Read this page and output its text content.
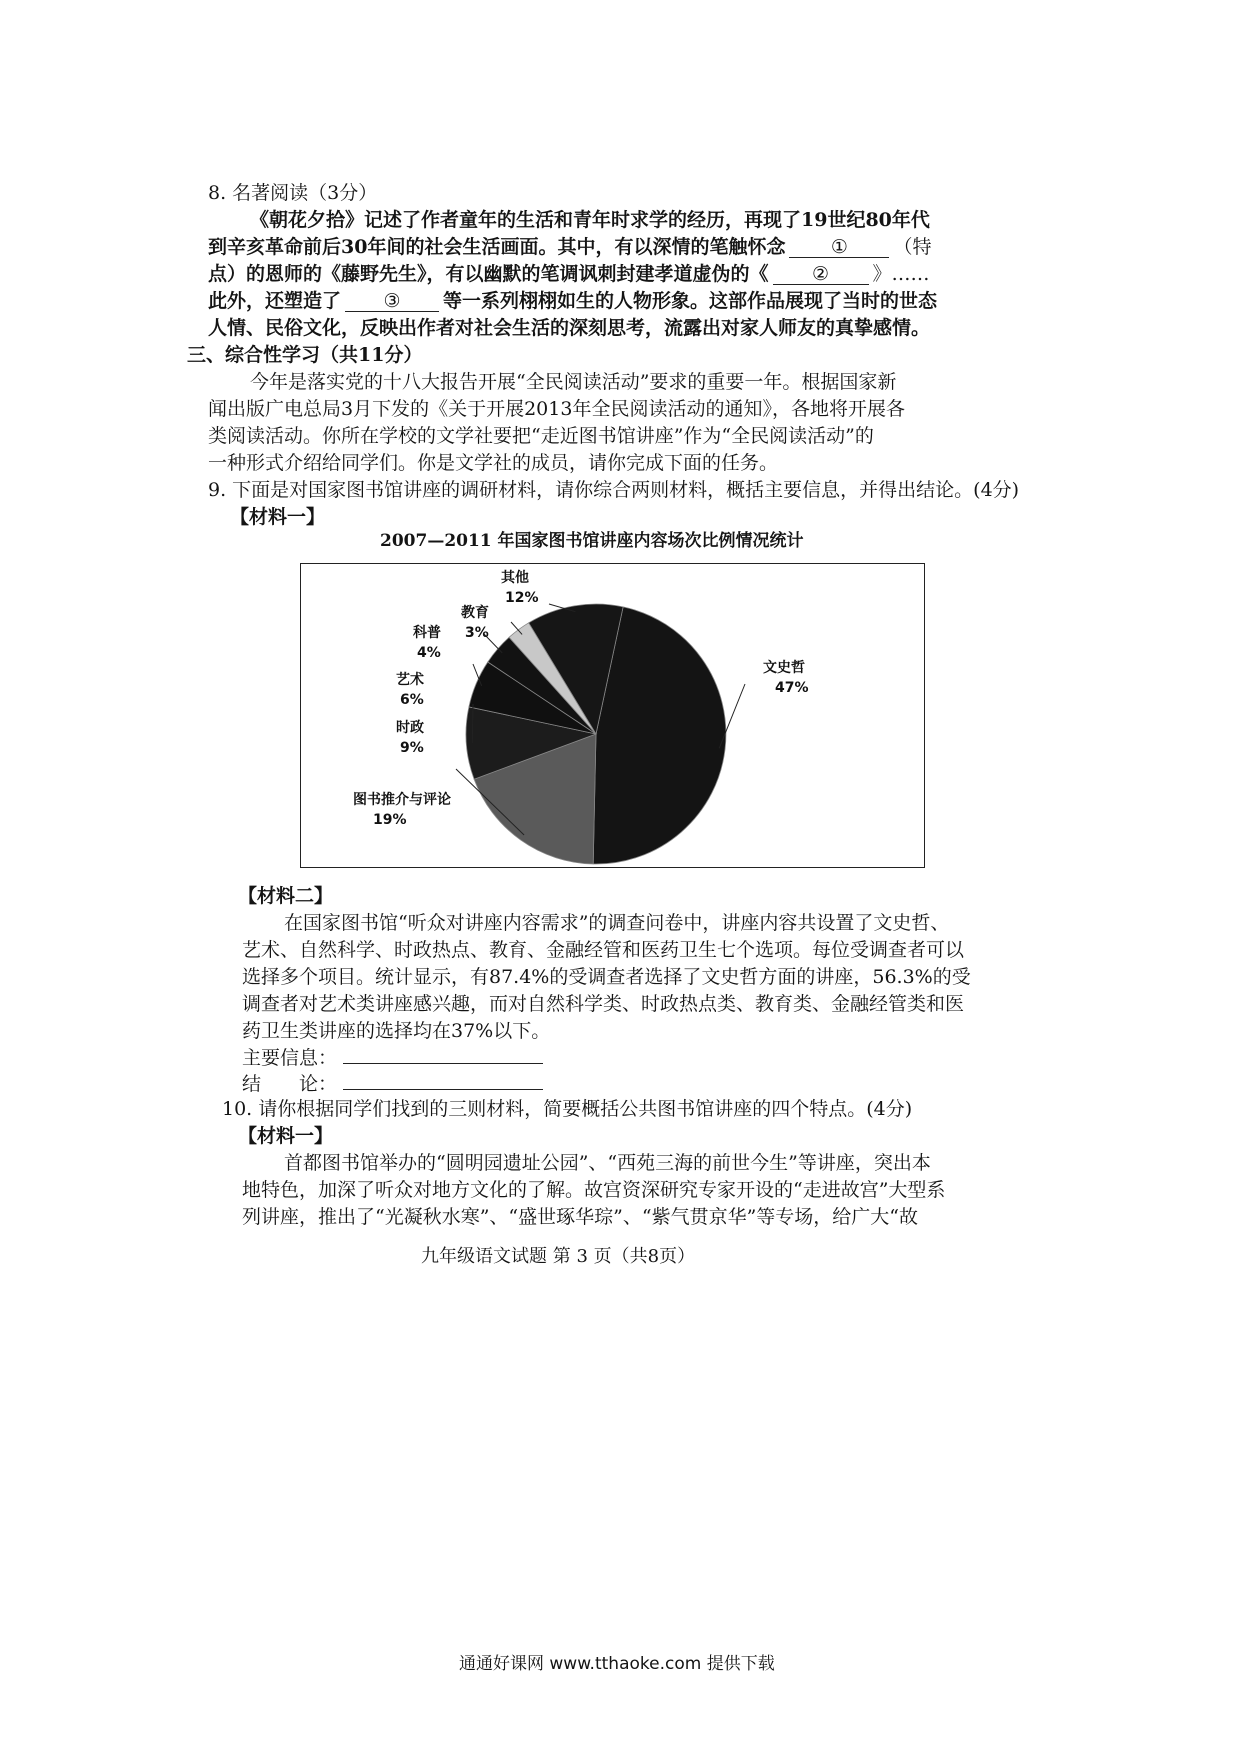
8. 名著阅读（3分）
《朝花夕拾》记述了作者童年的生活和青年时求学的经历，再现了19世纪80年代
到辛亥革命前后30年间的社会生活画面。其中，有以深情的笔触怀念 ① （特
点）的恩师的《藤野先生》，有以幽默的笔调讽刺封建孝道虚伪的《 ② 》……
此外，还塑造了 ③ 等一系列栩栩如生的人物形象。这部作品展现了当时的世态
人情、民俗文化，反映出作者对社会生活的深刻思考，流露出对家人师友的真挚感情。
三、综合性学习（共11分）
今年是落实党的十八大报告开展“全民阅读活动”要求的重要一年。根据国家新
闻出版广电总局3月下发的《关于开展2013年全民阅读活动的通知》，各地将开展各
类阅读活动。你所在学校的文学社要把“走近图书馆讲座”作为“全民阅读活动”的
一种形式介绍给同学们。你是文学社的成员，请你完成下面的任务。
9. 下面是对国家图书馆讲座的调研材料，请你综合两则材料，概括主要信息，并得出结论。(4分)
【材料一】
2007—2011 年国家图书馆讲座内容场次比例情况统计
文史哲
47%
图书推介与评论
19%
时政
9%
艺术
6%
科普
4%
教育
3%
其他
12%
【材料二】
在国家图书馆“听众对讲座内容需求”的调查问卷中，讲座内容共设置了文史哲、
艺术、自然科学、时政热点、教育、金融经管和医药卫生七个选项。每位受调查者可以
选择多个项目。统计显示，有87.4%的受调查者选择了文史哲方面的讲座，56.3%的受
调查者对艺术类讲座感兴趣，而对自然科学类、时政热点类、教育类、金融经管类和医
药卫生类讲座的选择均在37%以下。
主要信息：
结　　论：
10. 请你根据同学们找到的三则材料，简要概括公共图书馆讲座的四个特点。(4分)
【材料一】
首都图书馆举办的“圆明园遗址公园”、“西苑三海的前世今生”等讲座，突出本
地特色，加深了听众对地方文化的了解。故宫资深研究专家开设的“走进故宫”大型系
列讲座，推出了“光凝秋水寒”、“盛世琢华琮”、“紫气贯京华”等专场，给广大“故
九年级语文试题 第 3 页（共8页）
通通好课网 www.tthaoke.com 提供下载
